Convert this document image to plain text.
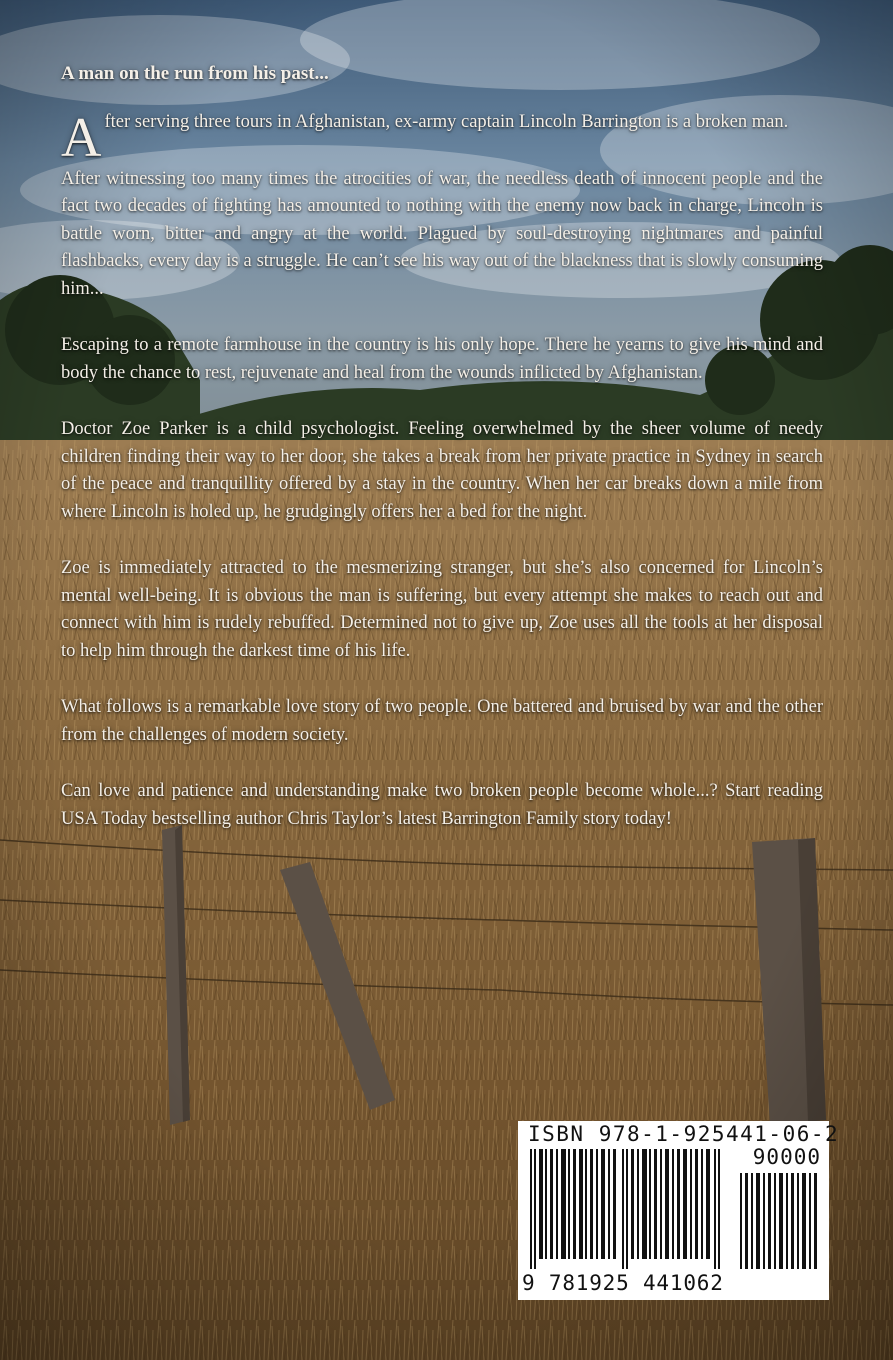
A man on the run from his past...

After serving three tours in Afghanistan, ex-army captain Lincoln Barrington is a broken man.

After witnessing too many times the atrocities of war, the needless death of innocent people and the fact two decades of fighting has amounted to nothing with the enemy now back in charge, Lincoln is battle worn, bitter and angry at the world. Plagued by soul-destroying nightmares and painful flashbacks, every day is a struggle. He can’t see his way out of the blackness that is slowly consuming him...

Escaping to a remote farmhouse in the country is his only hope. There he yearns to give his mind and body the chance to rest, rejuvenate and heal from the wounds inflicted by Afghanistan.

Doctor Zoe Parker is a child psychologist. Feeling overwhelmed by the sheer volume of needy children finding their way to her door, she takes a break from her private practice in Sydney in search of the peace and tranquillity offered by a stay in the country. When her car breaks down a mile from where Lincoln is holed up, he grudgingly offers her a bed for the night.

Zoe is immediately attracted to the mesmerizing stranger, but she’s also concerned for Lincoln’s mental well-being. It is obvious the man is suffering, but every attempt she makes to reach out and connect with him is rudely rebuffed. Determined not to give up, Zoe uses all the tools at her disposal to help him through the darkest time of his life.

What follows is a remarkable love story of two people. One battered and bruised by war and the other from the challenges of modern society.

Can love and patience and understanding make two broken people become whole...? Start reading USA Today bestselling author Chris Taylor’s latest Barrington Family story today!

ISBN 978-1-925441-06-2
90000
9 781925 441062
